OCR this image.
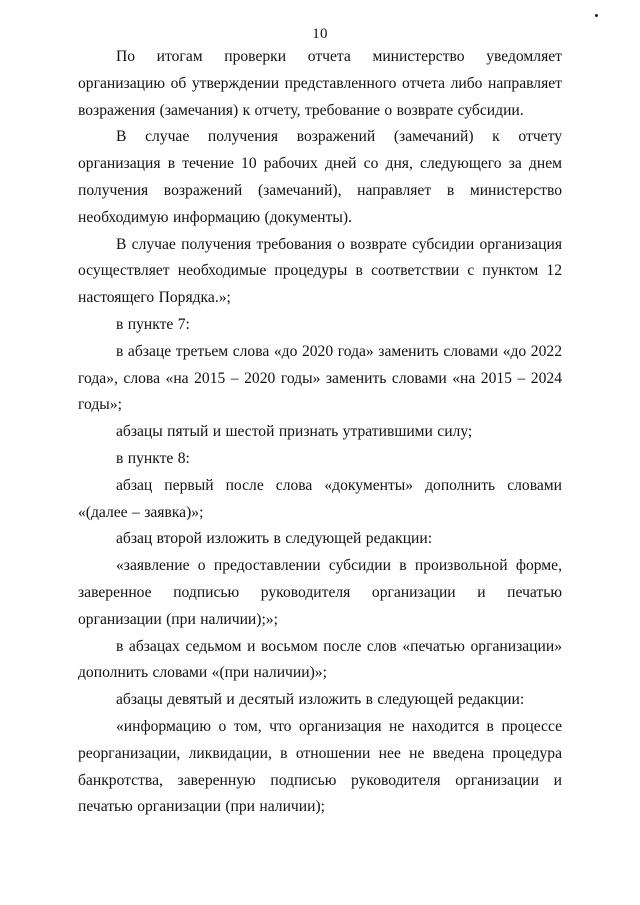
10

По итогам проверки отчета министерство уведомляет организацию об утверждении представленного отчета либо направляет возражения (замечания) к отчету, требование о возврате субсидии.

В случае получения возражений (замечаний) к отчету организация в течение 10 рабочих дней со дня, следующего за днем получения возражений (замечаний), направляет в министерство необходимую информацию (документы).

В случае получения требования о возврате субсидии организация осуществляет необходимые процедуры в соответствии с пунктом 12 настоящего Порядка.»;

в пункте 7:

в абзаце третьем слова «до 2020 года» заменить словами «до 2022 года», слова «на 2015 – 2020 годы» заменить словами «на 2015 – 2024 годы»;

абзацы пятый и шестой признать утратившими силу;

в пункте 8:

абзац первый после слова «документы» дополнить словами «(далее – заявка)»;

абзац второй изложить в следующей редакции:

«заявление о предоставлении субсидии в произвольной форме, заверенное подписью руководителя организации и печатью организации (при наличии);»;

в абзацах седьмом и восьмом после слов «печатью организации» дополнить словами «(при наличии)»;

абзацы девятый и десятый изложить в следующей редакции:

«информацию о том, что организация не находится в процессе реорганизации, ликвидации, в отношении нее не введена процедура банкротства, заверенную подписью руководителя организации и печатью организации (при наличии);
